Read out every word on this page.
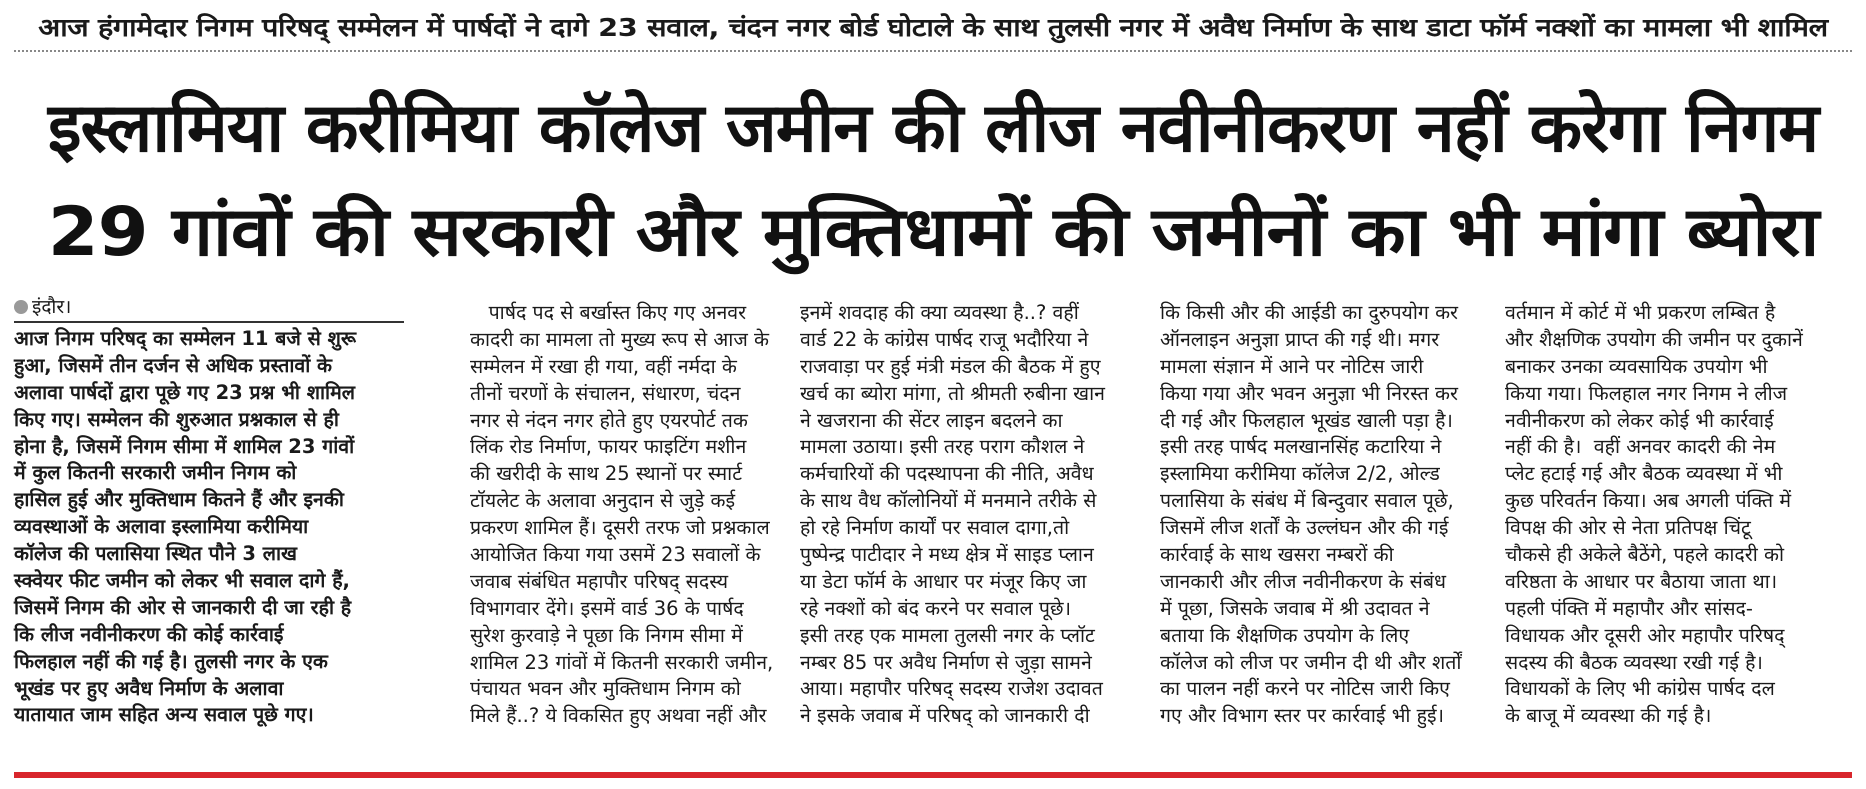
आज हंगामेदार निगम परिषद् सम्मेलन में पार्षदों ने दागे 23 सवाल, चंदन नगर बोर्ड घोटाले के साथ तुलसी नगर में अवैध निर्माण के साथ डाटा फॉर्म नक्शों का मामला भी शामिल
इस्लामिया करीमिया कॉलेज जमीन की लीज नवीनीकरण नहीं करेगा निगम
29 गांवों की सरकारी और मुक्तिधामों की जमीनों का भी मांगा ब्योरा
इंदौर।
आज निगम परिषद् का सम्मेलन 11 बजे से शुरू
हुआ, जिसमें तीन दर्जन से अधिक प्रस्तावों के
अलावा पार्षदों द्वारा पूछे गए 23 प्रश्न भी शामिल
किए गए। सम्मेलन की शुरुआत प्रश्नकाल से ही
होना है, जिसमें निगम सीमा में शामिल 23 गांवों
में कुल कितनी सरकारी जमीन निगम को
हासिल हुई और मुक्तिधाम कितने हैं और इनकी
व्यवस्थाओं के अलावा इस्लामिया करीमिया
कॉलेज की पलासिया स्थित पौने 3 लाख
स्क्वेयर फीट जमीन को लेकर भी सवाल दागे हैं,
जिसमें निगम की ओर से जानकारी दी जा रही है
कि लीज नवीनीकरण की कोई कार्रवाई
फिलहाल नहीं की गई है। तुलसी नगर के एक
भूखंड पर हुए अवैध निर्माण के अलावा
यातायात जाम सहित अन्य सवाल पूछे गए।
पार्षद पद से बर्खास्त किए गए अनवर
कादरी का मामला तो मुख्य रूप से आज के
सम्मेलन में रखा ही गया, वहीं नर्मदा के
तीनों चरणों के संचालन, संधारण, चंदन
नगर से नंदन नगर होते हुए एयरपोर्ट तक
लिंक रोड निर्माण, फायर फाइटिंग मशीन
की खरीदी के साथ 25 स्थानों पर स्मार्ट
टॉयलेट के अलावा अनुदान से जुड़े कई
प्रकरण शामिल हैं। दूसरी तरफ जो प्रश्नकाल
आयोजित किया गया उसमें 23 सवालों के
जवाब संबंधित महापौर परिषद् सदस्य
विभागवार देंगे। इसमें वार्ड 36 के पार्षद
सुरेश कुरवाड़े ने पूछा कि निगम सीमा में
शामिल 23 गांवों में कितनी सरकारी जमीन,
पंचायत भवन और मुक्तिधाम निगम को
मिले हैं..? ये विकसित हुए अथवा नहीं और
इनमें शवदाह की क्या व्यवस्था है..? वहीं
वार्ड 22 के कांग्रेस पार्षद राजू भदौरिया ने
राजवाड़ा पर हुई मंत्री मंडल की बैठक में हुए
खर्च का ब्योरा मांगा, तो श्रीमती रुबीना खान
ने खजराना की सेंटर लाइन बदलने का
मामला उठाया। इसी तरह पराग कौशल ने
कर्मचारियों की पदस्थापना की नीति, अवैध
के साथ वैध कॉलोनियों में मनमाने तरीके से
हो रहे निर्माण कार्यों पर सवाल दागा,तो
पुष्पेन्द्र पाटीदार ने मध्य क्षेत्र में साइड प्लान
या डेटा फॉर्म के आधार पर मंजूर किए जा
रहे नक्शों को बंद करने पर सवाल पूछे।
इसी तरह एक मामला तुलसी नगर के प्लॉट
नम्बर 85 पर अवैध निर्माण से जुड़ा सामने
आया। महापौर परिषद् सदस्य राजेश उदावत
ने इसके जवाब में परिषद् को जानकारी दी
कि किसी और की आईडी का दुरुपयोग कर
ऑनलाइन अनुज्ञा प्राप्त की गई थी। मगर
मामला संज्ञान में आने पर नोटिस जारी
किया गया और भवन अनुज्ञा भी निरस्त कर
दी गई और फिलहाल भूखंड खाली पड़ा है।
इसी तरह पार्षद मलखानसिंह कटारिया ने
इस्लामिया करीमिया कॉलेज 2/2, ओल्ड
पलासिया के संबंध में बिन्दुवार सवाल पूछे,
जिसमें लीज शर्तों के उल्लंघन और की गई
कार्रवाई के साथ खसरा नम्बरों की
जानकारी और लीज नवीनीकरण के संबंध
में पूछा, जिसके जवाब में श्री उदावत ने
बताया कि शैक्षणिक उपयोग के लिए
कॉलेज को लीज पर जमीन दी थी और शर्तों
का पालन नहीं करने पर नोटिस जारी किए
गए और विभाग स्तर पर कार्रवाई भी हुई।
वर्तमान में कोर्ट में भी प्रकरण लम्बित है
और शैक्षणिक उपयोग की जमीन पर दुकानें
बनाकर उनका व्यवसायिक उपयोग भी
किया गया। फिलहाल नगर निगम ने लीज
नवीनीकरण को लेकर कोई भी कार्रवाई
नहीं की है।  वहीं अनवर कादरी की नेम
प्लेट हटाई गई और बैठक व्यवस्था में भी
कुछ परिवर्तन किया। अब अगली पंक्ति में
विपक्ष की ओर से नेता प्रतिपक्ष चिंटू
चौकसे ही अकेले बैठेंगे, पहले कादरी को
वरिष्ठता के आधार पर बैठाया जाता था।
पहली पंक्ति में महापौर और सांसद-
विधायक और दूसरी ओर महापौर परिषद्
सदस्य की बैठक व्यवस्था रखी गई है।
विधायकों के लिए भी कांग्रेस पार्षद दल
के बाजू में व्यवस्था की गई है।
